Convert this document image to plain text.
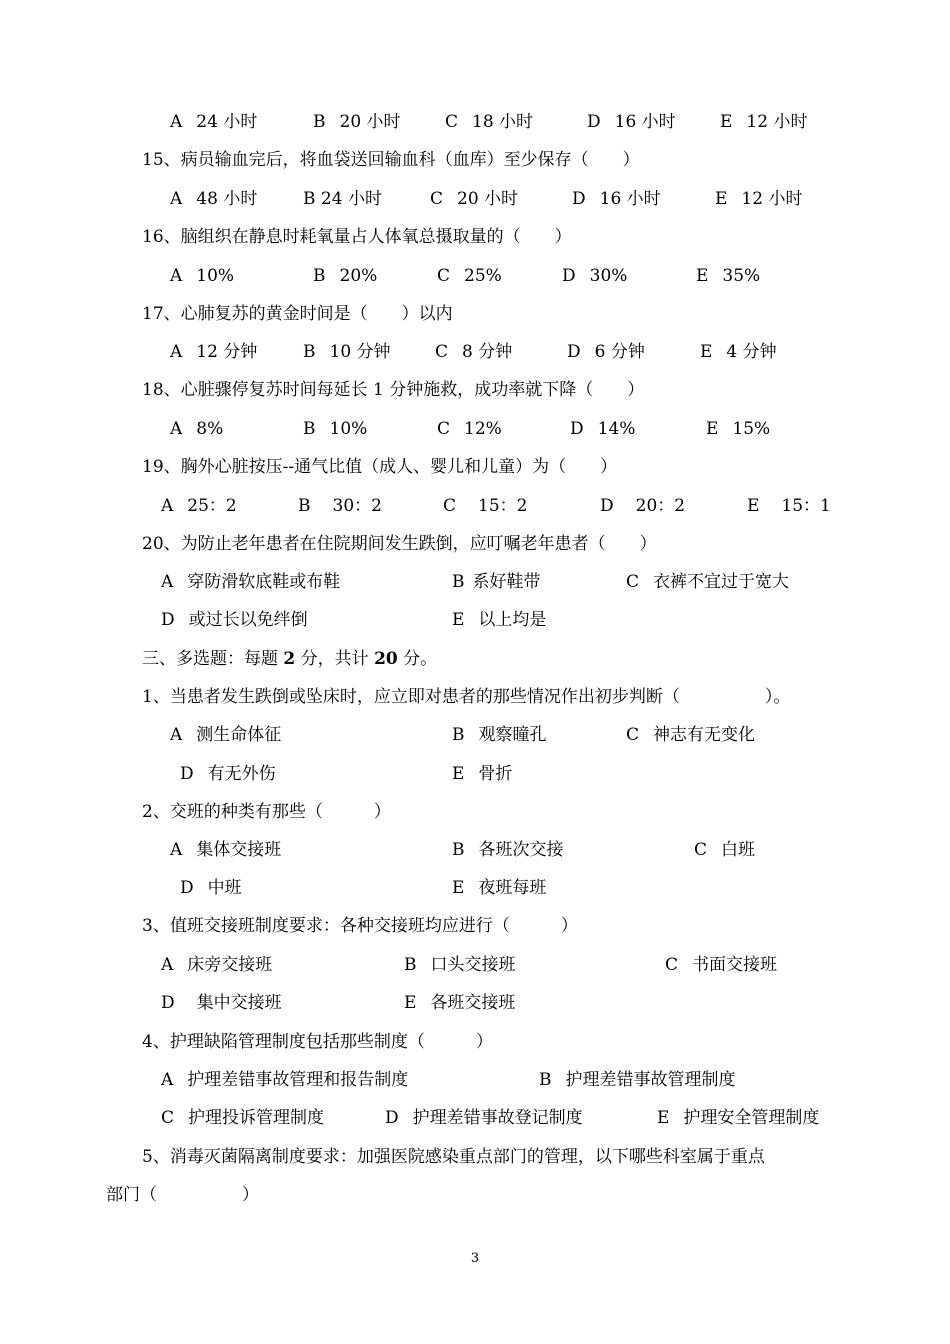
A 24 小时	B 20 小时	C 18 小时	D 16 小时	E 12 小时
15、病员输血完后，将血袋送回输血科（血库）至少保存（　　）
A 48 小时	B 24 小时	C 20 小时	D 16 小时	E 12 小时
16、脑组织在静息时耗氧量占人体氧总摄取量的（　　）
A 10%	B 20%	C 25%	D 30%	E 35%
17、心肺复苏的黄金时间是（　　）以内
A 12 分钟	B 10 分钟	C 8 分钟	D 6 分钟	E 4 分钟
18、心脏骤停复苏时间每延长 1 分钟施救，成功率就下降（　　）
A 8%	B 10%	C 12%	D 14%	E 15%
19、胸外心脏按压--通气比值（成人、婴儿和儿童）为（　　）
A 25：2	B 30：2	C 15：2	D 20：2	E 15：1
20、为防止老年患者在住院期间发生跌倒，应叮嘱老年患者（　　）
A 穿防滑软底鞋或布鞋	B 系好鞋带	C 衣裤不宜过于宽大
D 或过长以免绊倒	E 以上均是
三、多选题：每题 2 分，共计 20 分。
1、当患者发生跌倒或坠床时，应立即对患者的那些情况作出初步判断（　　　　　）。
A 测生命体征	B 观察瞳孔	C 神志有无变化
D 有无外伤	E 骨折
2、交班的种类有那些（　　　）
A 集体交接班	B 各班次交接	C 白班
D 中班	E 夜班每班
3、值班交接班制度要求：各种交接班均应进行（　　　）
A 床旁交接班	B 口头交接班	C 书面交接班
D 集中交接班	E 各班交接班
4、护理缺陷管理制度包括那些制度（　　　）
A 护理差错事故管理和报告制度	B 护理差错事故管理制度
C 护理投诉管理制度	D 护理差错事故登记制度	E 护理安全管理制度
5、消毒灭菌隔离制度要求：加强医院感染重点部门的管理，以下哪些科室属于重点
部门（　　　　　）
3
